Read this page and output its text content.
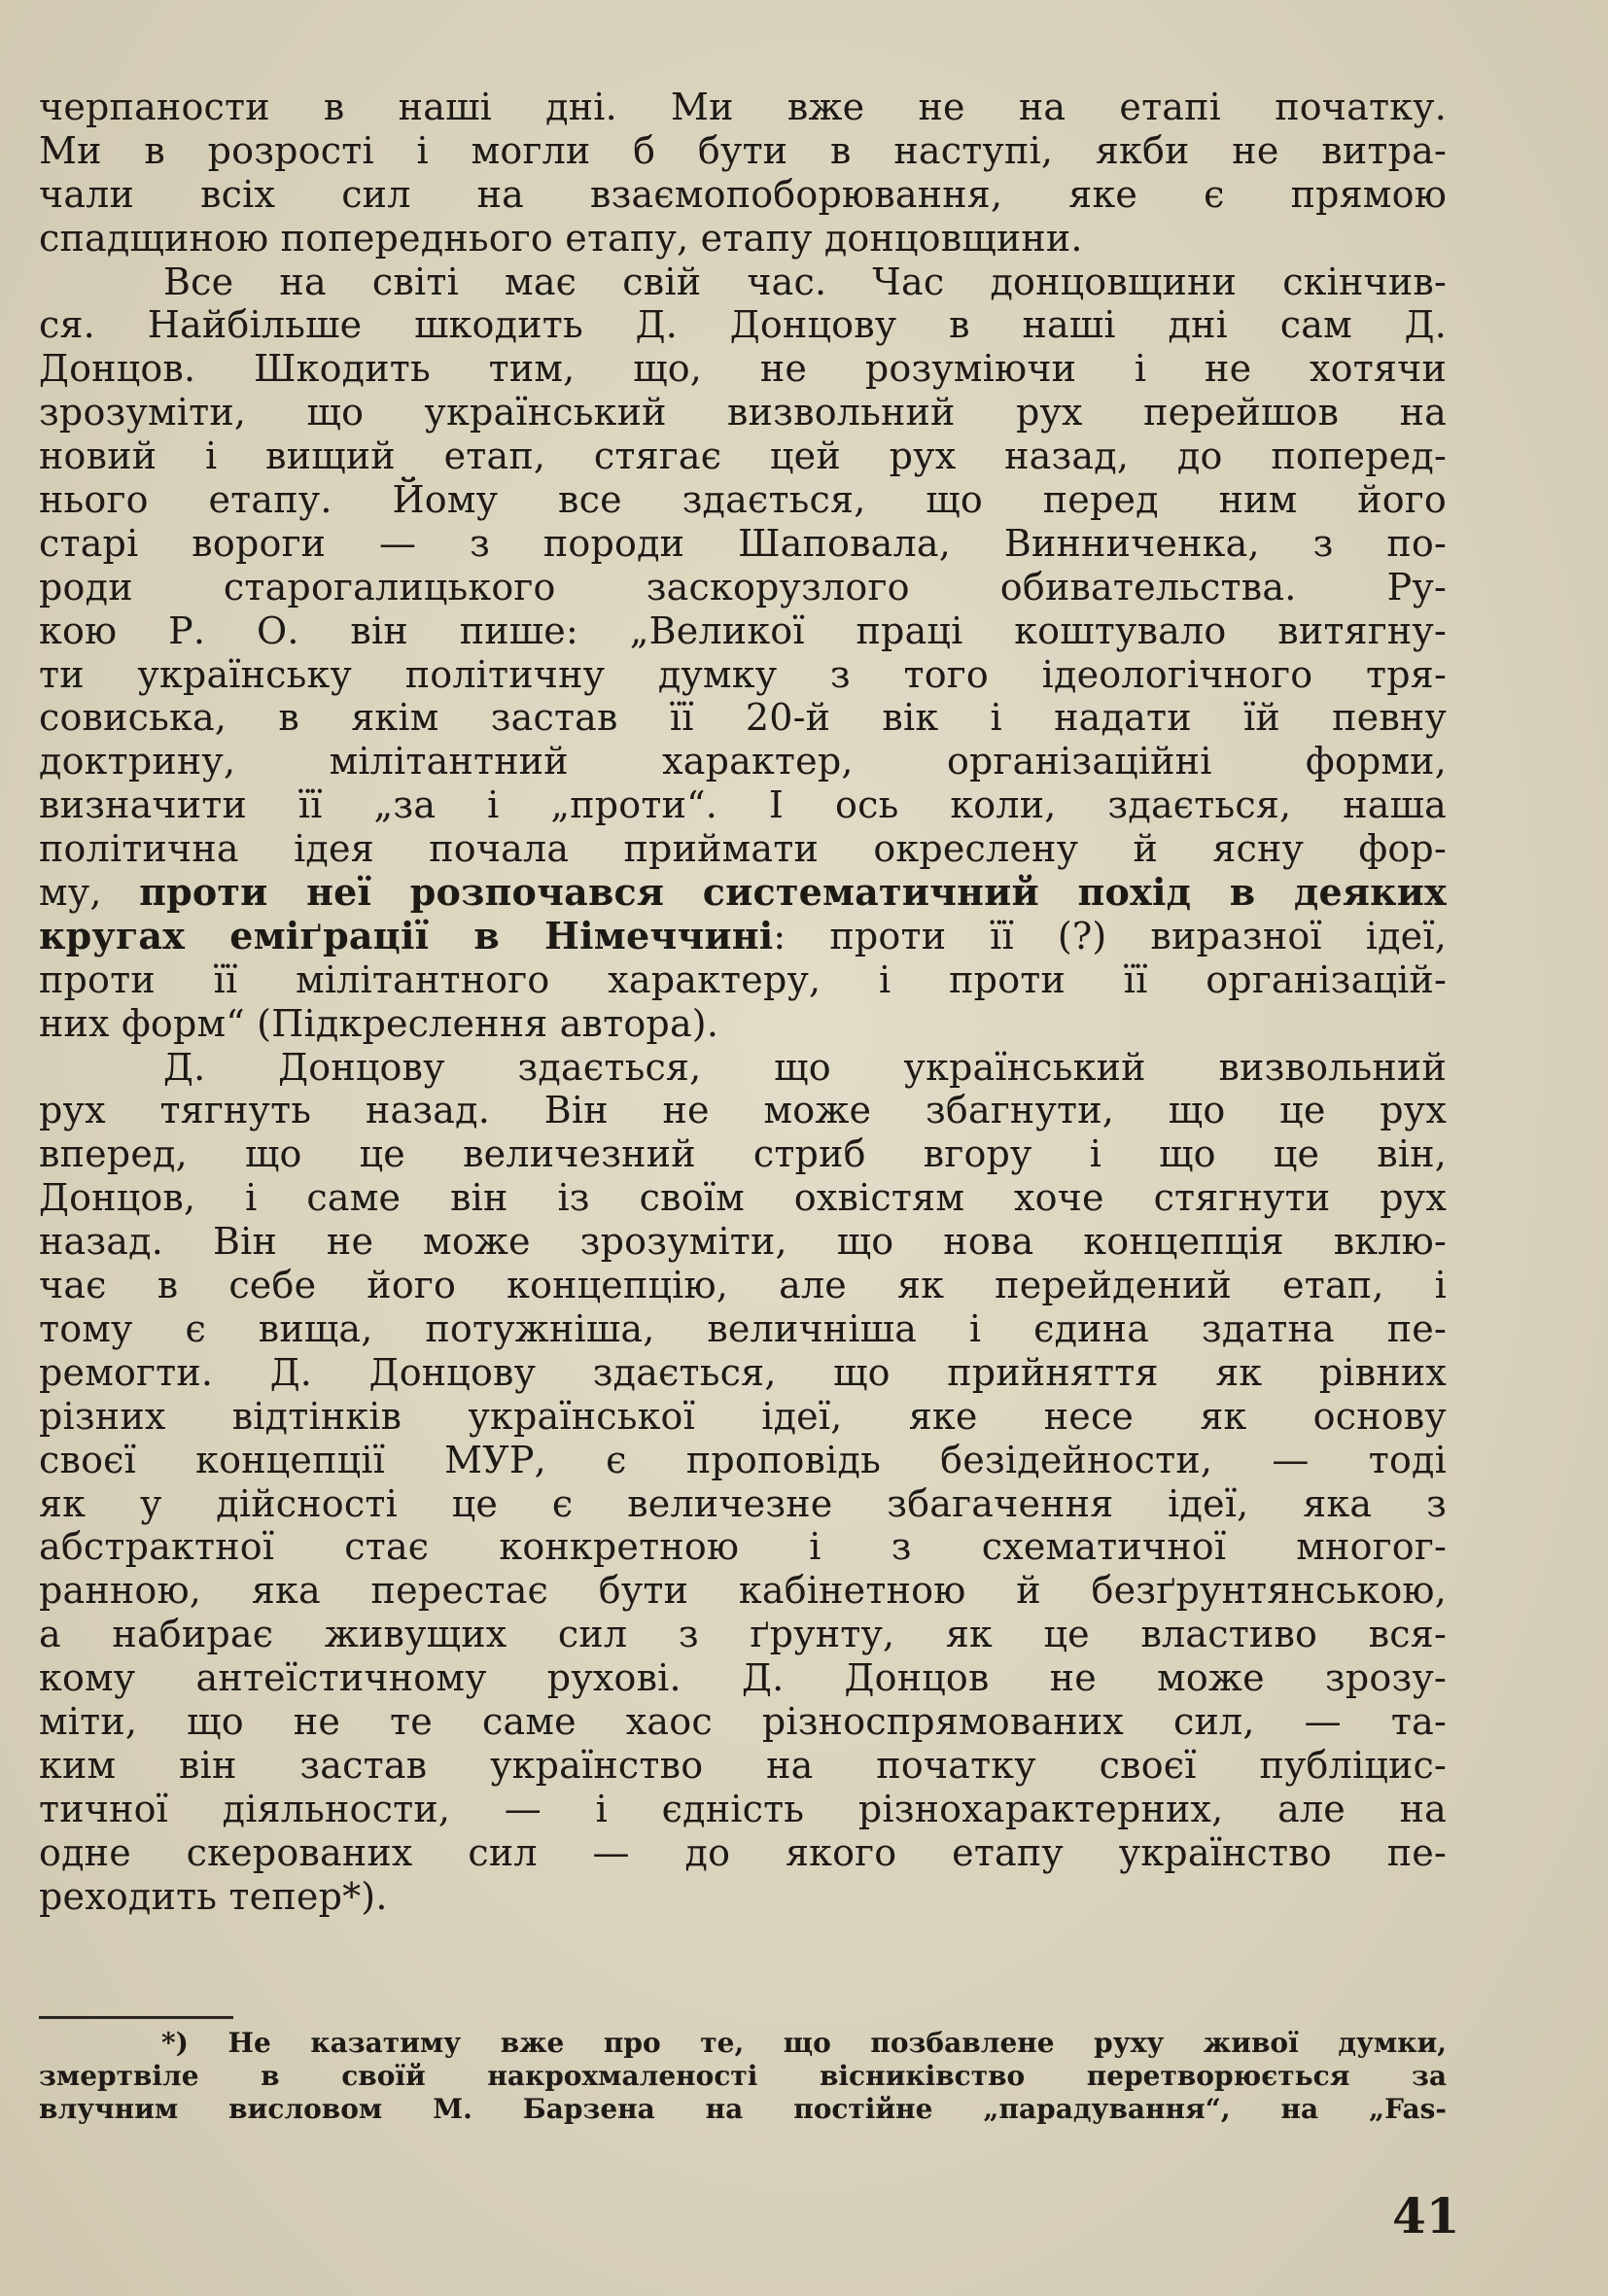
черпаности в наші дні. Ми вже не на етапі початку.
Ми в розрості і могли б бути в наступі, якби не витра-
чали всіх сил на взаємопоборювання, яке є прямою
спадщиною попереднього етапу, етапу донцовщини.
Все на світі має свій час. Час донцовщини скінчив-
ся. Найбільше шкодить Д. Донцову в наші дні сам Д.
Донцов. Шкодить тим, що, не розуміючи і не хотячи
зрозуміти, що український визвольний рух перейшов на
новий і вищий етап, стягає цей рух назад, до поперед-
нього етапу. Йому все здається, що перед ним його
старі вороги — з породи Шаповала, Винниченка, з по-
роди старогалицького заскорузлого обивательства. Ру-
кою Р. О. він пише: „Великої праці коштувало витягну-
ти українську політичну думку з того ідеологічного тря-
совиська, в якім застав її 20-й вік і надати їй певну
доктрину, мілітантний характер, організаційні форми,
визначити її „за і „проти“. І ось коли, здається, наша
політична ідея почала приймати окреслену й ясну фор-
му, проти неї розпочався систематичний похід в деяких
кругах еміґрації в Німеччині: проти її (?) виразної ідеї,
проти її мілітантного характеру, і проти її організацій-
них форм“ (Підкреслення автора).
Д. Донцову здається, що український визвольний
рух тягнуть назад. Він не може збагнути, що це рух
вперед, що це величезний стриб вгору і що це він,
Донцов, і саме він із своїм охвістям хоче стягнути рух
назад. Він не може зрозуміти, що нова концепція вклю-
чає в себе його концепцію, але як перейдений етап, і
тому є вища, потужніша, величніша і єдина здатна пе-
ремогти. Д. Донцову здається, що прийняття як рівних
різних відтінків української ідеї, яке несе як основу
своєї концепції МУР, є проповідь безідейности, — тоді
як у дійсності це є величезне збагачення ідеї, яка з
абстрактної стає конкретною і з схематичної многог-
ранною, яка перестає бути кабінетною й безґрунтянською,
а набирає живущих сил з ґрунту, як це властиво вся-
кому антеїстичному рухові. Д. Донцов не може зрозу-
міти, що не те саме хаос різноспрямованих сил, — та-
ким він застав українство на початку своєї публіцис-
тичної діяльности, — і єдність різнохарактерних, але на
одне скерованих сил — до якого етапу українство пе-
реходить тепер*).
*) Не казатиму вже про те, що позбавлене руху живої думки,
змертвіле в своїй накрохмаленості вісниківство перетворюється за
влучним висловом М. Барзена на постійне „парадування“, на „Fas-
41
